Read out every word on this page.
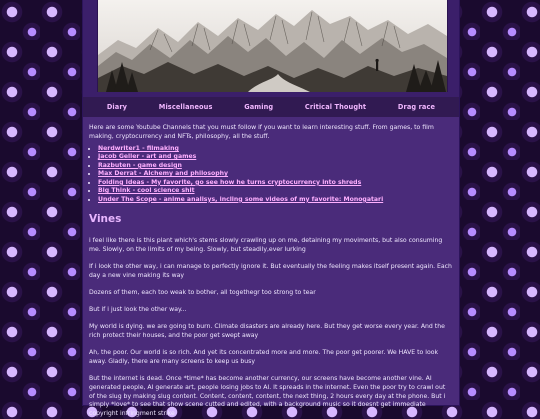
Diary	Miscellaneous	Gaming	Critical Thought	Drag race

Here are some Youtube Channels that you must follow if you want to learn interesting stuff. From games, to film making, cryptocurrency and NFTs, philosophy, all the stuff.

• Nerdwriter1 - filmaking
• Jacob Geller - art and games
• Razbuten - game design
• Max Derrat - Alchemy and philosophy
• Folding Ideas - My favorite, go see how he turns cryptocurrency into shreds
• Big Think - cool science shit
• Under The Scope - anime analisys, incling some videos of my favorite: Monogatari
Vines

i feel like there is this plant which's stems slowly crawling up on me, detaining my moviments, but also consuming me. Slowly, on the limits of my being. Slowly, but steadily,ever lurking

If i look the other way, i can manage to perfectly ignore it. But eventually the feeling makes itself present again. Each day a new vine making its way

Dozens of them, each too weak to bother, all togethegr too strong to tear

But if i just look the other way...

My world is dying. we are going to burn. Climate disasters are already here. But they get worse every year. And the rich protect their houses, and the poor get swept away

Ah, the poor. Our world is so rich. And yet its concentrated more and more. The poor get poorer. We HAVE to look away. Gladly, there are many screens to keep us busy

But the internet is dead. Once *time* has become another currency, our screens have become another vine. AI generated people, AI generate art, people losing jobs to AI. It spreads in the internet. Even the poor try to crawl out of the slug by making slug content. Content, content, content, the next thing, 2 hours every day at the phone. But i simply *love* to see that show scene cutted and edited, with a background music so it doesnt get immediate copyright infringment strike
